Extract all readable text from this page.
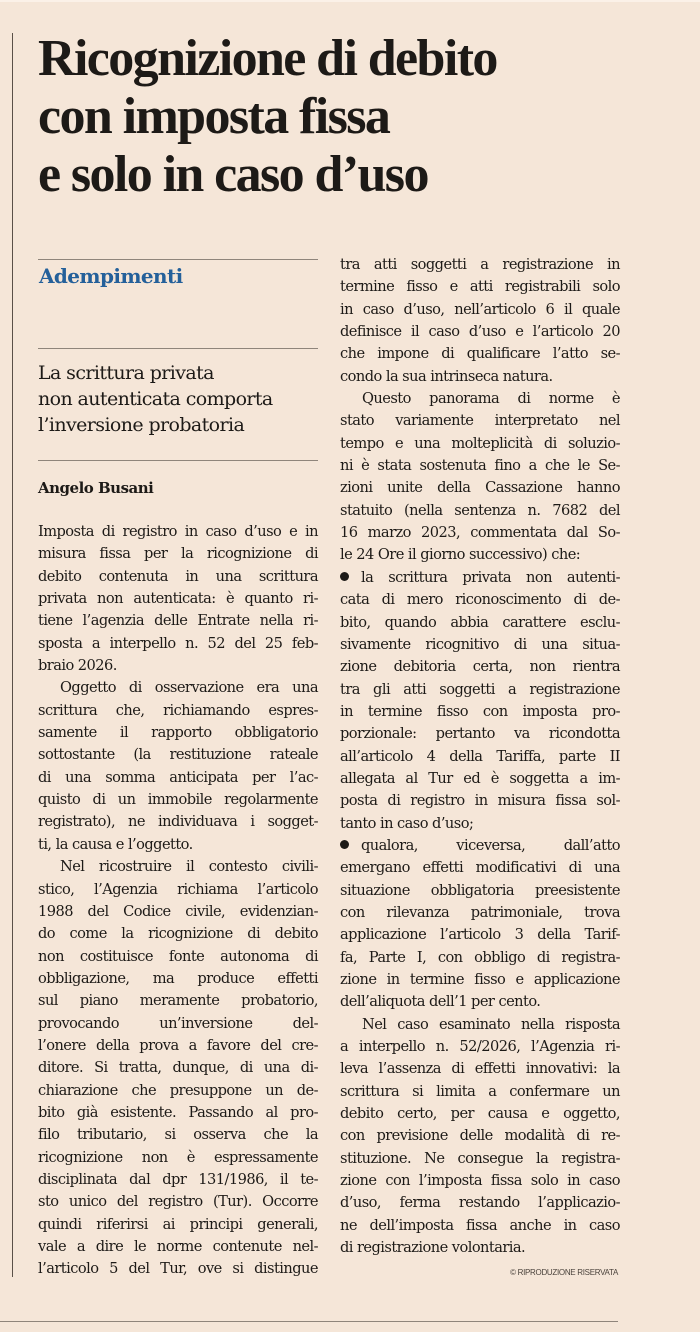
Ricognizione di debito
con imposta fissa
e solo in caso d’uso
Adempimenti

La scrittura privata
non autenticata comporta
l’inversione probatoria

Angelo Busani

Imposta di registro in caso d’uso e in
misura fissa per la ricognizione di
debito contenuta in una scrittura
privata non autenticata: è quanto ri-
tiene l’agenzia delle Entrate nella ri-
sposta a interpello n. 52 del 25 feb-
braio 2026.
Oggetto di osservazione era una
scrittura che, richiamando espres-
samente il rapporto obbligatorio
sottostante (la restituzione rateale
di una somma anticipata per l’ac-
quisto di un immobile regolarmente
registrato), ne individuava i sogget-
ti, la causa e l’oggetto.
Nel ricostruire il contesto civili-
stico, l’Agenzia richiama l’articolo
1988 del Codice civile, evidenzian-
do come la ricognizione di debito
non costituisce fonte autonoma di
obbligazione, ma produce effetti
sul piano meramente probatorio,
provocando un’inversione del-
l’onere della prova a favore del cre-
ditore. Si tratta, dunque, di una di-
chiarazione che presuppone un de-
bito già esistente. Passando al pro-
filo tributario, si osserva che la
ricognizione non è espressamente
disciplinata dal dpr 131/1986, il te-
sto unico del registro (Tur). Occorre
quindi riferirsi ai principi generali,
vale a dire le norme contenute nel-
l’articolo 5 del Tur, ove si distingue
tra atti soggetti a registrazione in
termine fisso e atti registrabili solo
in caso d’uso, nell’articolo 6 il quale
definisce il caso d’uso e l’articolo 20
che impone di qualificare l’atto se-
condo la sua intrinseca natura.
Questo panorama di norme è
stato variamente interpretato nel
tempo e una molteplicità di soluzio-
ni è stata sostenuta fino a che le Se-
zioni unite della Cassazione hanno
statuito (nella sentenza n. 7682 del
16 marzo 2023, commentata dal So-
le 24 Ore il giorno successivo) che:
la scrittura privata non autenti-
cata di mero riconoscimento di de-
bito, quando abbia carattere esclu-
sivamente ricognitivo di una situa-
zione debitoria certa, non rientra
tra gli atti soggetti a registrazione
in termine fisso con imposta pro-
porzionale: pertanto va ricondotta
all’articolo 4 della Tariffa, parte II
allegata al Tur ed è soggetta a im-
posta di registro in misura fissa sol-
tanto in caso d’uso;
qualora, viceversa, dall’atto
emergano effetti modificativi di una
situazione obbligatoria preesistente
con rilevanza patrimoniale, trova
applicazione l’articolo 3 della Tarif-
fa, Parte I, con obbligo di registra-
zione in termine fisso e applicazione
dell’aliquota dell’1 per cento.
Nel caso esaminato nella risposta
a interpello n. 52/2026, l’Agenzia ri-
leva l’assenza di effetti innovativi: la
scrittura si limita a confermare un
debito certo, per causa e oggetto,
con previsione delle modalità di re-
stituzione. Ne consegue la registra-
zione con l’imposta fissa solo in caso
d’uso, ferma restando l’applicazio-
ne dell’imposta fissa anche in caso
di registrazione volontaria.
© RIPRODUZIONE RISERVATA
